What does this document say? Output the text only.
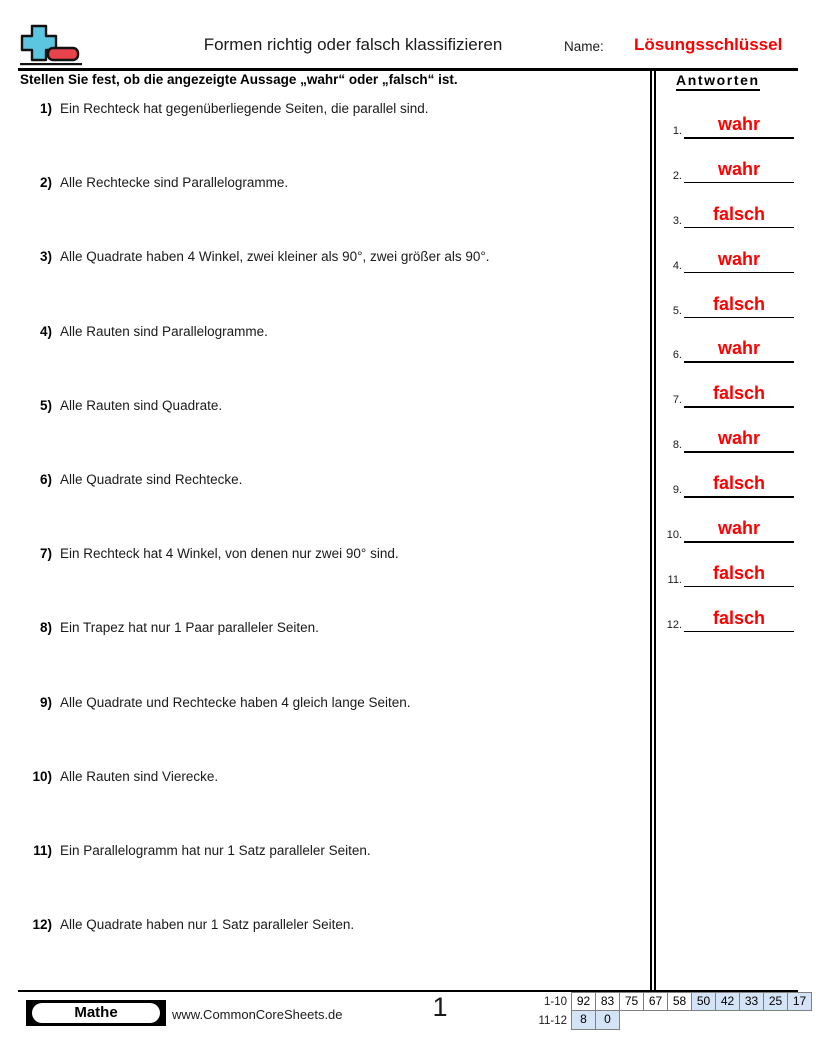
Formen richtig oder falsch klassifizieren	Name: Lösungsschlüssel
Stellen Sie fest, ob die angezeigte Aussage „wahr“ oder „falsch“ ist.
1) Ein Rechteck hat gegenüberliegende Seiten, die parallel sind.
2) Alle Rechtecke sind Parallelogramme.
3) Alle Quadrate haben 4 Winkel, zwei kleiner als 90°, zwei größer als 90°.
4) Alle Rauten sind Parallelogramme.
5) Alle Rauten sind Quadrate.
6) Alle Quadrate sind Rechtecke.
7) Ein Rechteck hat 4 Winkel, von denen nur zwei 90° sind.
8) Ein Trapez hat nur 1 Paar paralleler Seiten.
9) Alle Quadrate und Rechtecke haben 4 gleich lange Seiten.
10) Alle Rauten sind Vierecke.
11) Ein Parallelogramm hat nur 1 Satz paralleler Seiten.
12) Alle Quadrate haben nur 1 Satz paralleler Seiten.
Antworten
1.	wahr
2.	wahr
3.	falsch
4.	wahr
5.	falsch
6.	wahr
7.	falsch
8.	wahr
9.	falsch
10.	wahr
11.	falsch
12.	falsch
Mathe	www.CommonCoreSheets.de	1	1-10 92 83 75 67 58 50 42 33 25 17
11-12	8	0
